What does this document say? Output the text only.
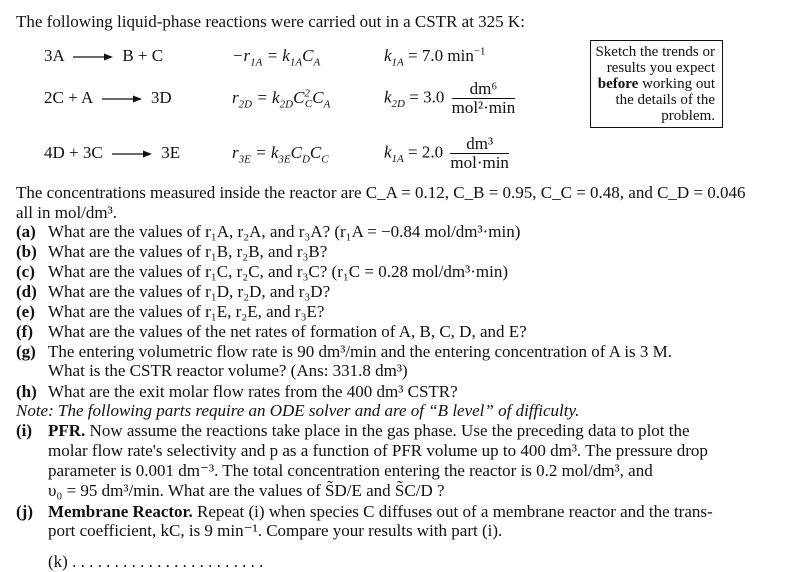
The following liquid-phase reactions were carried out in a CSTR at 325 K:
3A	B + C	$-r_{1A} = k_{1A}C_A$	$k_{1A} = 7.0$ $\min^{-1}$
2C + A	3D	$r_{2D} = k_{2D}C^2_CC_A$	$k_{2D} = 3.0 \frac{\text{dm⁶}}{\text{mol²·min}}$
4D + 3C	3E	$r_{3E} = k_{3E}C_DC_C$	$k_{1A} = 2.0 \frac{\text{dm³}}{\text{mol·min}}$
Sketch the trends or
results you expect
before working out
the details of the
problem.
The concentrations measured inside the reactor are C_A = 0.12, C_B = 0.95, C_C = 0.48, and C_D = 0.046
all in mol/dm³.
(a) What are the values of r₁A, r₂A, and r₃A? (r₁A = −0.84 mol/dm³·min)
(b) What are the values of r₁B, r₂B, and r₃B?
(c) What are the values of r₁C, r₂C, and r₃C? (r₁C = 0.28 mol/dm³·min)
(d) What are the values of r₁D, r₂D, and r₃D?
(e) What are the values of r₁E, r₂E, and r₃E?
(f) What are the values of the net rates of formation of A, B, C, D, and E?
(g) The entering volumetric flow rate is 90 dm³/min and the entering concentration of A is 3 M.
What is the CSTR reactor volume? (Ans: 331.8 dm³)
(h) What are the exit molar flow rates from the 400 dm³ CSTR?
Note: The following parts require an ODE solver and are of “B level” of difficulty.
(i) PFR. Now assume the reactions take place in the gas phase. Use the preceding data to plot the
molar flow rate's selectivity and p as a function of PFR volume up to 400 dm³. The pressure drop
parameter is 0.001 dm⁻³. The total concentration entering the reactor is 0.2 mol/dm³, and
υ₀ = 95 dm³/min. What are the values of S̃D/E and S̃C/D ?
(j) Membrane Reactor. Repeat (i) when species C diffuses out of a membrane reactor and the trans-
port coefficient, kC, is 9 min⁻¹. Compare your results with part (i).
(k) . . . . . . . . . . . . . . . . . . . . . . .
